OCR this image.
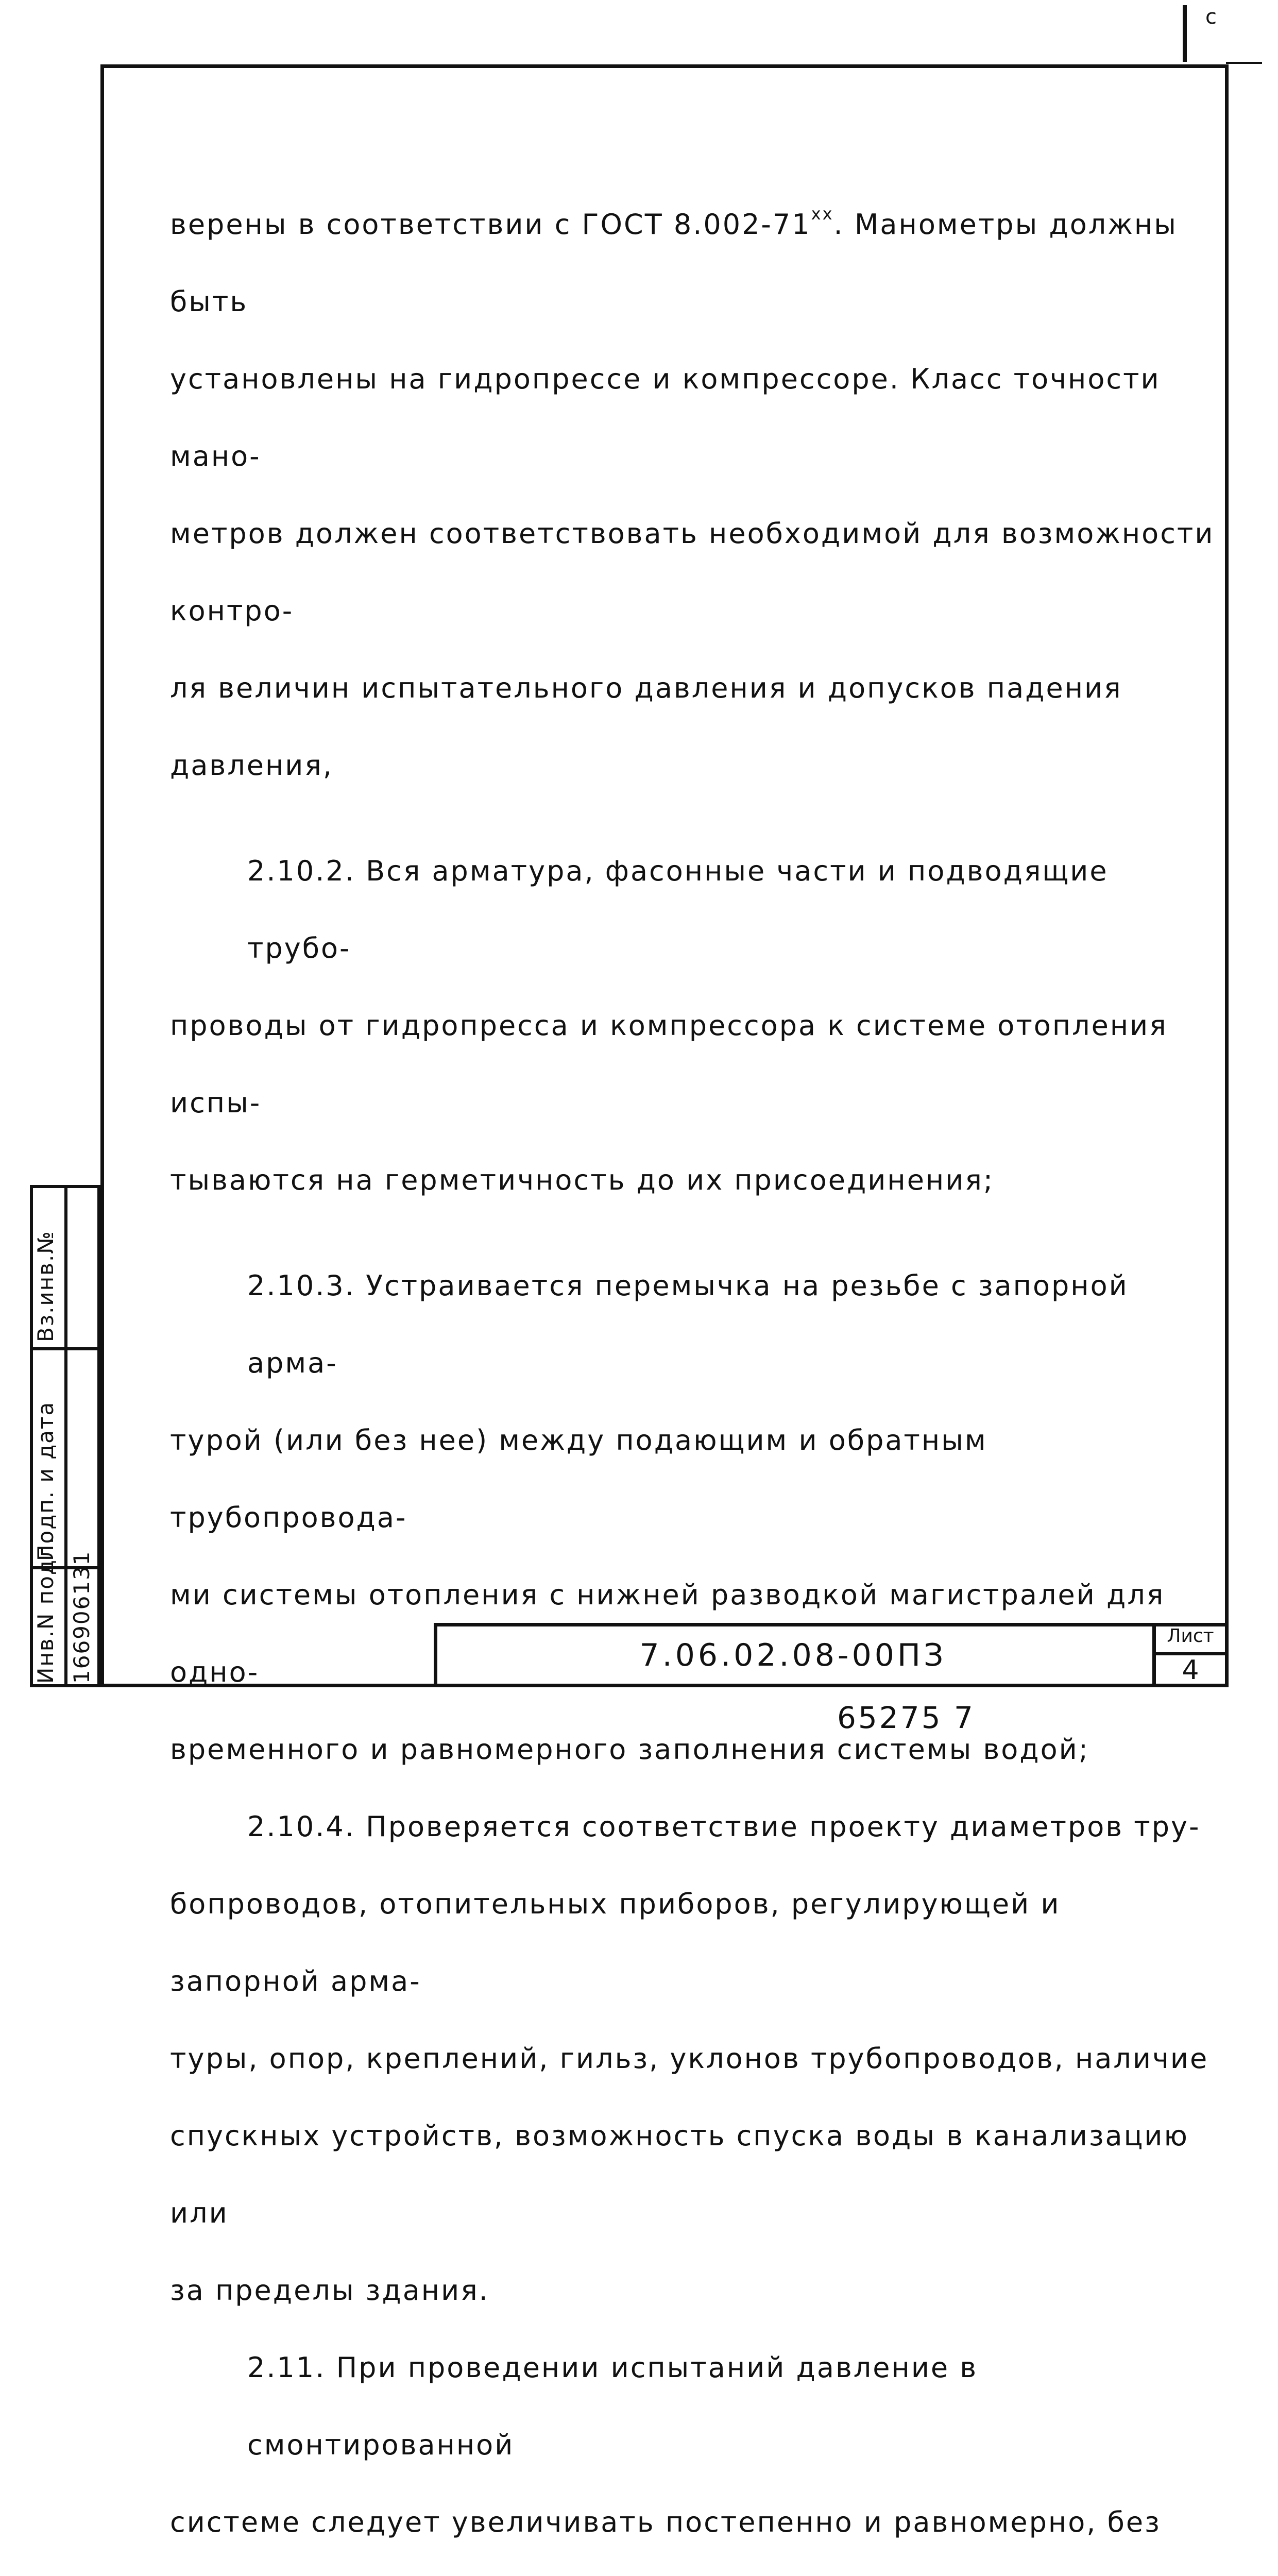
с

верены в соответствии с ГОСТ 8.002-71$^{xx}$. Манометры должны быть

установлены на гидропрессе и компрессоре. Класс точности мано-

метров должен соответствовать необходимой для возможности контро-

ля величин испытательного давления и допусков падения давления,

2.10.2. Вся арматура, фасонные части и подводящие трубо-

проводы от гидропресса и компрессора к системе отопления испы-

тываются на герметичность до их присоединения;

2.10.3. Устраивается перемычка на резьбе с запорной арма-

турой (или без нее) между подающим и обратным трубопровода-

ми системы отопления с нижней разводкой магистралей для одно-

временного и равномерного заполнения системы водой;

2.10.4. Проверяется соответствие проекту диаметров тру-

бопроводов, отопительных приборов, регулирующей и запорной арма-

туры, опор, креплений, гильз, уклонов трубопроводов, наличие

спускных устройств, возможность спуска воды в канализацию или

за пределы здания.

2.11. При проведении испытаний давление в смонтированной

системе следует увеличивать постепенно и равномерно, без

7.06.02.08-00ПЗ
Лист
4
Инв.N подл. 166906131
Подп. и дата
Вз.инв.№
65275 7
